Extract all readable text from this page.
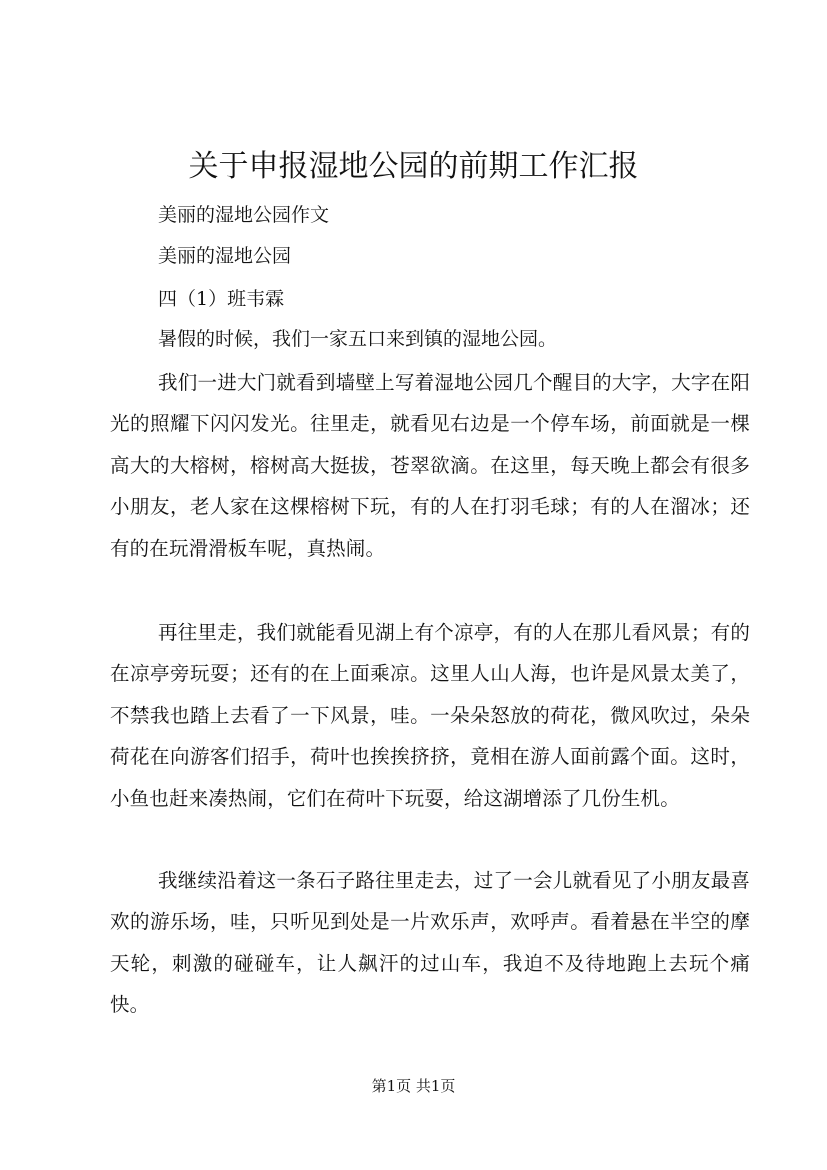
关于申报湿地公园的前期工作汇报

美丽的湿地公园作文

美丽的湿地公园

四（1）班韦霖

暑假的时候，我们一家五口来到镇的湿地公园。

我们一进大门就看到墙壁上写着湿地公园几个醒目的大字，大字在阳光的照耀下闪闪发光。往里走，就看见右边是一个停车场，前面就是一棵高大的大榕树，榕树高大挺拔，苍翠欲滴。在这里，每天晚上都会有很多小朋友，老人家在这棵榕树下玩，有的人在打羽毛球；有的人在溜冰；还有的在玩滑滑板车呢，真热闹。

再往里走，我们就能看见湖上有个凉亭，有的人在那儿看风景；有的在凉亭旁玩耍；还有的在上面乘凉。这里人山人海，也许是风景太美了，不禁我也踏上去看了一下风景，哇。一朵朵怒放的荷花，微风吹过，朵朵荷花在向游客们招手，荷叶也挨挨挤挤，竟相在游人面前露个面。这时，小鱼也赶来凑热闹，它们在荷叶下玩耍，给这湖增添了几份生机。

我继续沿着这一条石子路往里走去，过了一会儿就看见了小朋友最喜欢的游乐场，哇，只听见到处是一片欢乐声，欢呼声。看着悬在半空的摩天轮，刺激的碰碰车，让人飙汗的过山车，我迫不及待地跑上去玩个痛快。

第1页 共1页
